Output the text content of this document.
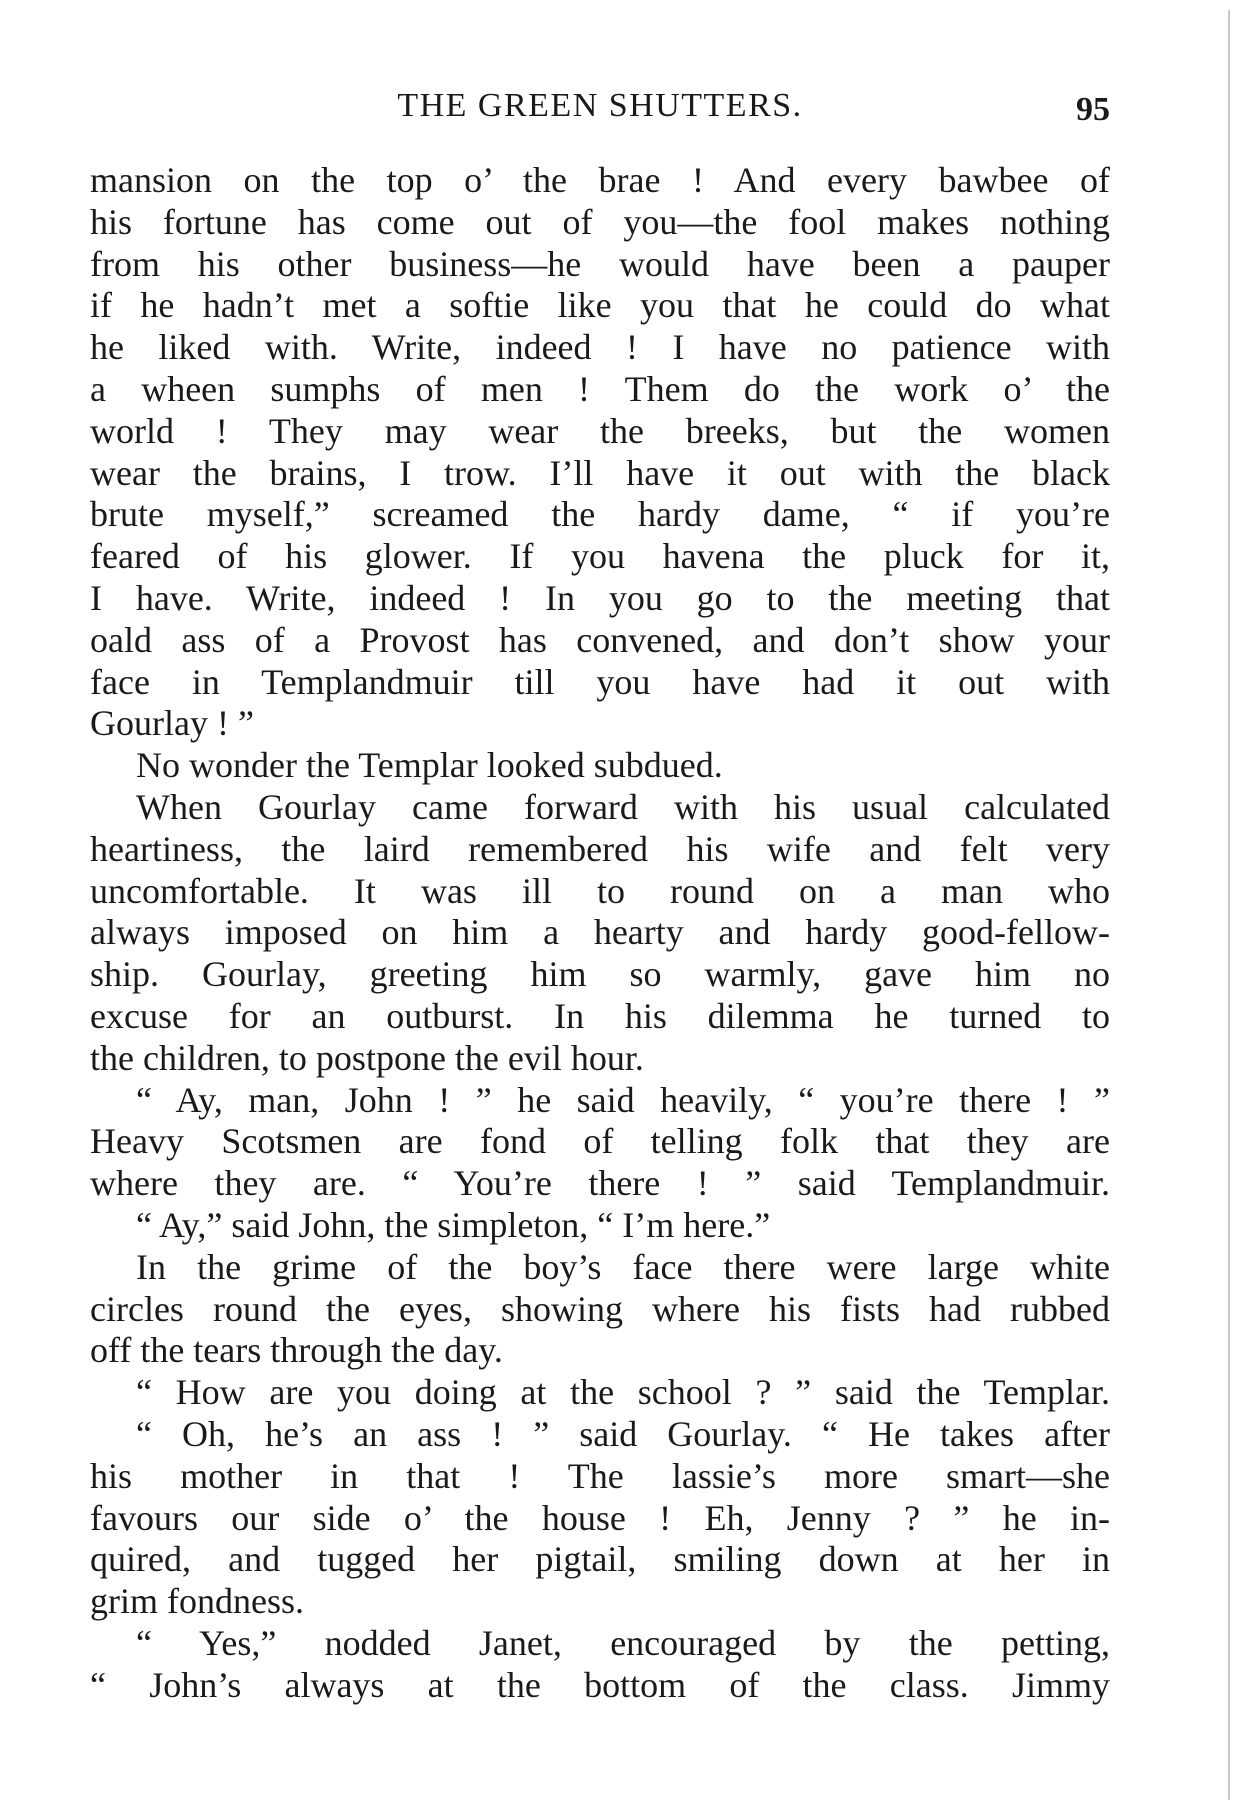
THE GREEN SHUTTERS.	95
mansion on the top o’ the brae ! And every bawbee of
his fortune has come out of you—the fool makes nothing
from his other business—he would have been a pauper
if he hadn’t met a softie like you that he could do what
he liked with. Write, indeed ! I have no patience with
a wheen sumphs of men ! Them do the work o’ the
world ! They may wear the breeks, but the women
wear the brains, I trow. I’ll have it out with the black
brute myself,” screamed the hardy dame, “ if you’re
feared of his glower. If you havena the pluck for it,
I have. Write, indeed ! In you go to the meeting that
oald ass of a Provost has convened, and don’t show your
face in Templandmuir till you have had it out with
Gourlay ! ”
No wonder the Templar looked subdued.
When Gourlay came forward with his usual calculated
heartiness, the laird remembered his wife and felt very
uncomfortable. It was ill to round on a man who
always imposed on him a hearty and hardy good-fellow-
ship. Gourlay, greeting him so warmly, gave him no
excuse for an outburst. In his dilemma he turned to
the children, to postpone the evil hour.
“ Ay, man, John ! ” he said heavily, “ you’re there ! ”
Heavy Scotsmen are fond of telling folk that they are
where they are. “ You’re there ! ” said Templandmuir.
“ Ay,” said John, the simpleton, “ I’m here.”
In the grime of the boy’s face there were large white
circles round the eyes, showing where his fists had rubbed
off the tears through the day.
“ How are you doing at the school ? ” said the Templar.
“ Oh, he’s an ass ! ” said Gourlay. “ He takes after
his mother in that ! The lassie’s more smart—she
favours our side o’ the house ! Eh, Jenny ? ” he in-
quired, and tugged her pigtail, smiling down at her in
grim fondness.
“ Yes,” nodded Janet, encouraged by the petting,
“ John’s always at the bottom of the class. Jimmy
